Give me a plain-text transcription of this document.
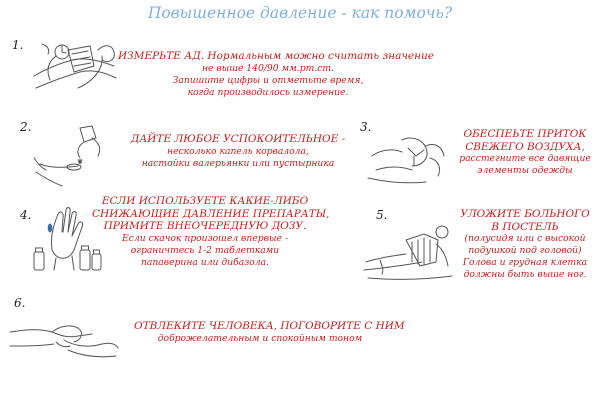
Повышенное давление - как помочь?
1.
ИЗМЕРЬТЕ АД. Нормальным можно считать значение
не выше 140/90 мм.рт.ст.
Запишите цифры и отметьте время,
когда производилось измерение.
2.
ДАЙТЕ ЛЮБОЕ УСПОКОИТЕЛЬНОЕ -
несколько капель корвалола,
настойки валерьянки или пустырника
3.	ОБЕСПЕЬТЕ ПРИТОК
СВЕЖЕГО ВОЗДУХА,
расстегните все давящие
элементы одежды
4.
ЕСЛИ ИСПОЛЬЗУЕТЕ КАКИЕ-ЛИБО
СНИЖАЮЩИЕ ДАВЛЕНИЕ ПРЕПАРАТЫ,
ПРИМИТЕ ВНЕОЧЕРЕДНУЮ ДОЗУ.
Если скачок произошел впервые -
ограничтесь 1-2 таблетками
папаверина или дибазола.
5.	УЛОЖИТЕ БОЛЬНОГО
В ПОСТЕЛЬ
(полусидя или с высокой
подушкой под головой)
Голова и грудная клетка
должны быть выше ног.
6.
ОТВЛЕКИТЕ ЧЕЛОВЕКА, ПОГОВОРИТЕ С НИМ
доброжелательным и спокойным тоном
